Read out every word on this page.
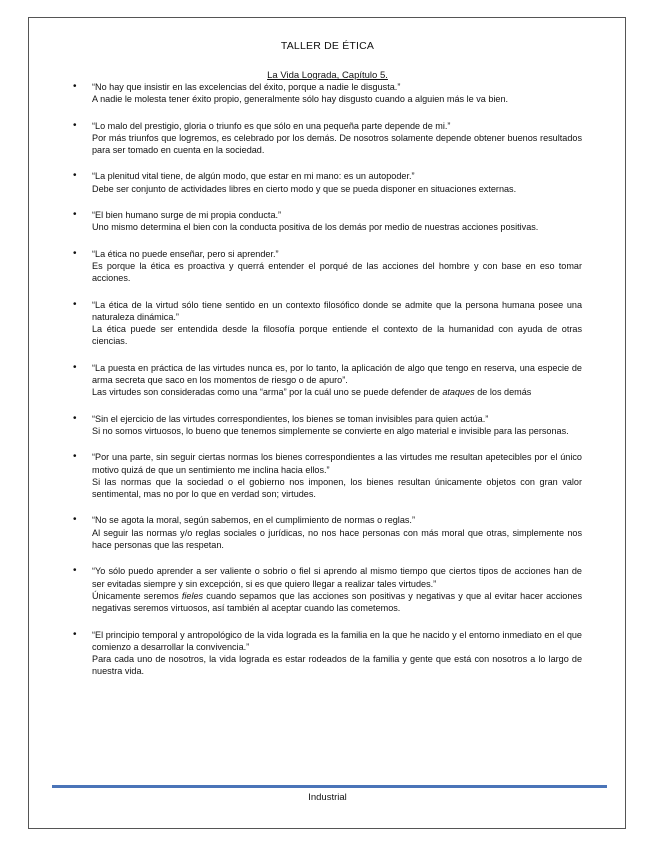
TALLER DE ÉTICA
La Vida Lograda, Capítulo 5.
• “No hay que insistir en las excelencias del éxito, porque a nadie le disgusta.”
A nadie le molesta tener éxito propio, generalmente sólo hay disgusto cuando a alguien más le va bien.
• “Lo malo del prestigio, gloria o triunfo es que sólo en una pequeña parte depende de mi.”
Por más triunfos que logremos, es celebrado por los demás. De nosotros solamente depende obtener buenos resultados para ser tomado en cuenta en la sociedad.
• “La plenitud vital tiene, de algún modo, que estar en mi mano: es un autopoder.”
Debe ser conjunto de actividades libres en cierto modo y que se pueda disponer en situaciones externas.
• “El bien humano surge de mi propia conducta.”
Uno mismo determina el bien con la conducta positiva de los demás por medio de nuestras acciones positivas.
• “La ética no puede enseñar, pero si aprender.”
Es porque la ética es proactiva y querrá entender el porqué de las acciones del hombre y con base en eso tomar acciones.
• “La ética de la virtud sólo tiene sentido en un contexto filosófico donde se admite que la persona humana posee una naturaleza dinámica.”
La ética puede ser entendida desde la filosofía porque entiende el contexto de la humanidad con ayuda de otras ciencias.
• “La puesta en práctica de las virtudes nunca es, por lo tanto, la aplicación de algo que tengo en reserva, una especie de arma secreta que saco en los momentos de riesgo o de apuro”.
Las virtudes son consideradas como una “arma” por la cuál uno se puede defender de ataques de los demás
• “Sin el ejercicio de las virtudes correspondientes, los bienes se toman invisibles para quien actúa.”
Si no somos virtuosos, lo bueno que tenemos simplemente se convierte en algo material e invisible para las personas.
• “Por una parte, sin seguir ciertas normas los bienes correspondientes a las virtudes me resultan apetecibles por el único motivo quizá de que un sentimiento me inclina hacia ellos.”
Si las normas que la sociedad o el gobierno nos imponen, los bienes resultan únicamente objetos con gran valor sentimental, mas no por lo que en verdad son; virtudes.
• “No se agota la moral, según sabemos, en el cumplimiento de normas o reglas.”
Al seguir las normas y/o reglas sociales o jurídicas, no nos hace personas con más moral que otras, simplemente nos hace personas que las respetan.
• “Yo sólo puedo aprender a ser valiente o sobrio o fiel si aprendo al mismo tiempo que ciertos tipos de acciones han de ser evitadas siempre y sin excepción, si es que quiero llegar a realizar tales virtudes.”
Únicamente seremos fieles cuando sepamos que las acciones son positivas y negativas y que al evitar hacer acciones negativas seremos virtuosos, así también al aceptar cuando las cometemos.
• “El principio temporal y antropológico de la vida lograda es la familia en la que he nacido y el entorno inmediato en el que comienzo a desarrollar la convivencia.”
Para cada uno de nosotros, la vida lograda es estar rodeados de la familia y gente que está con nosotros a lo largo de nuestra vida.
Industrial
